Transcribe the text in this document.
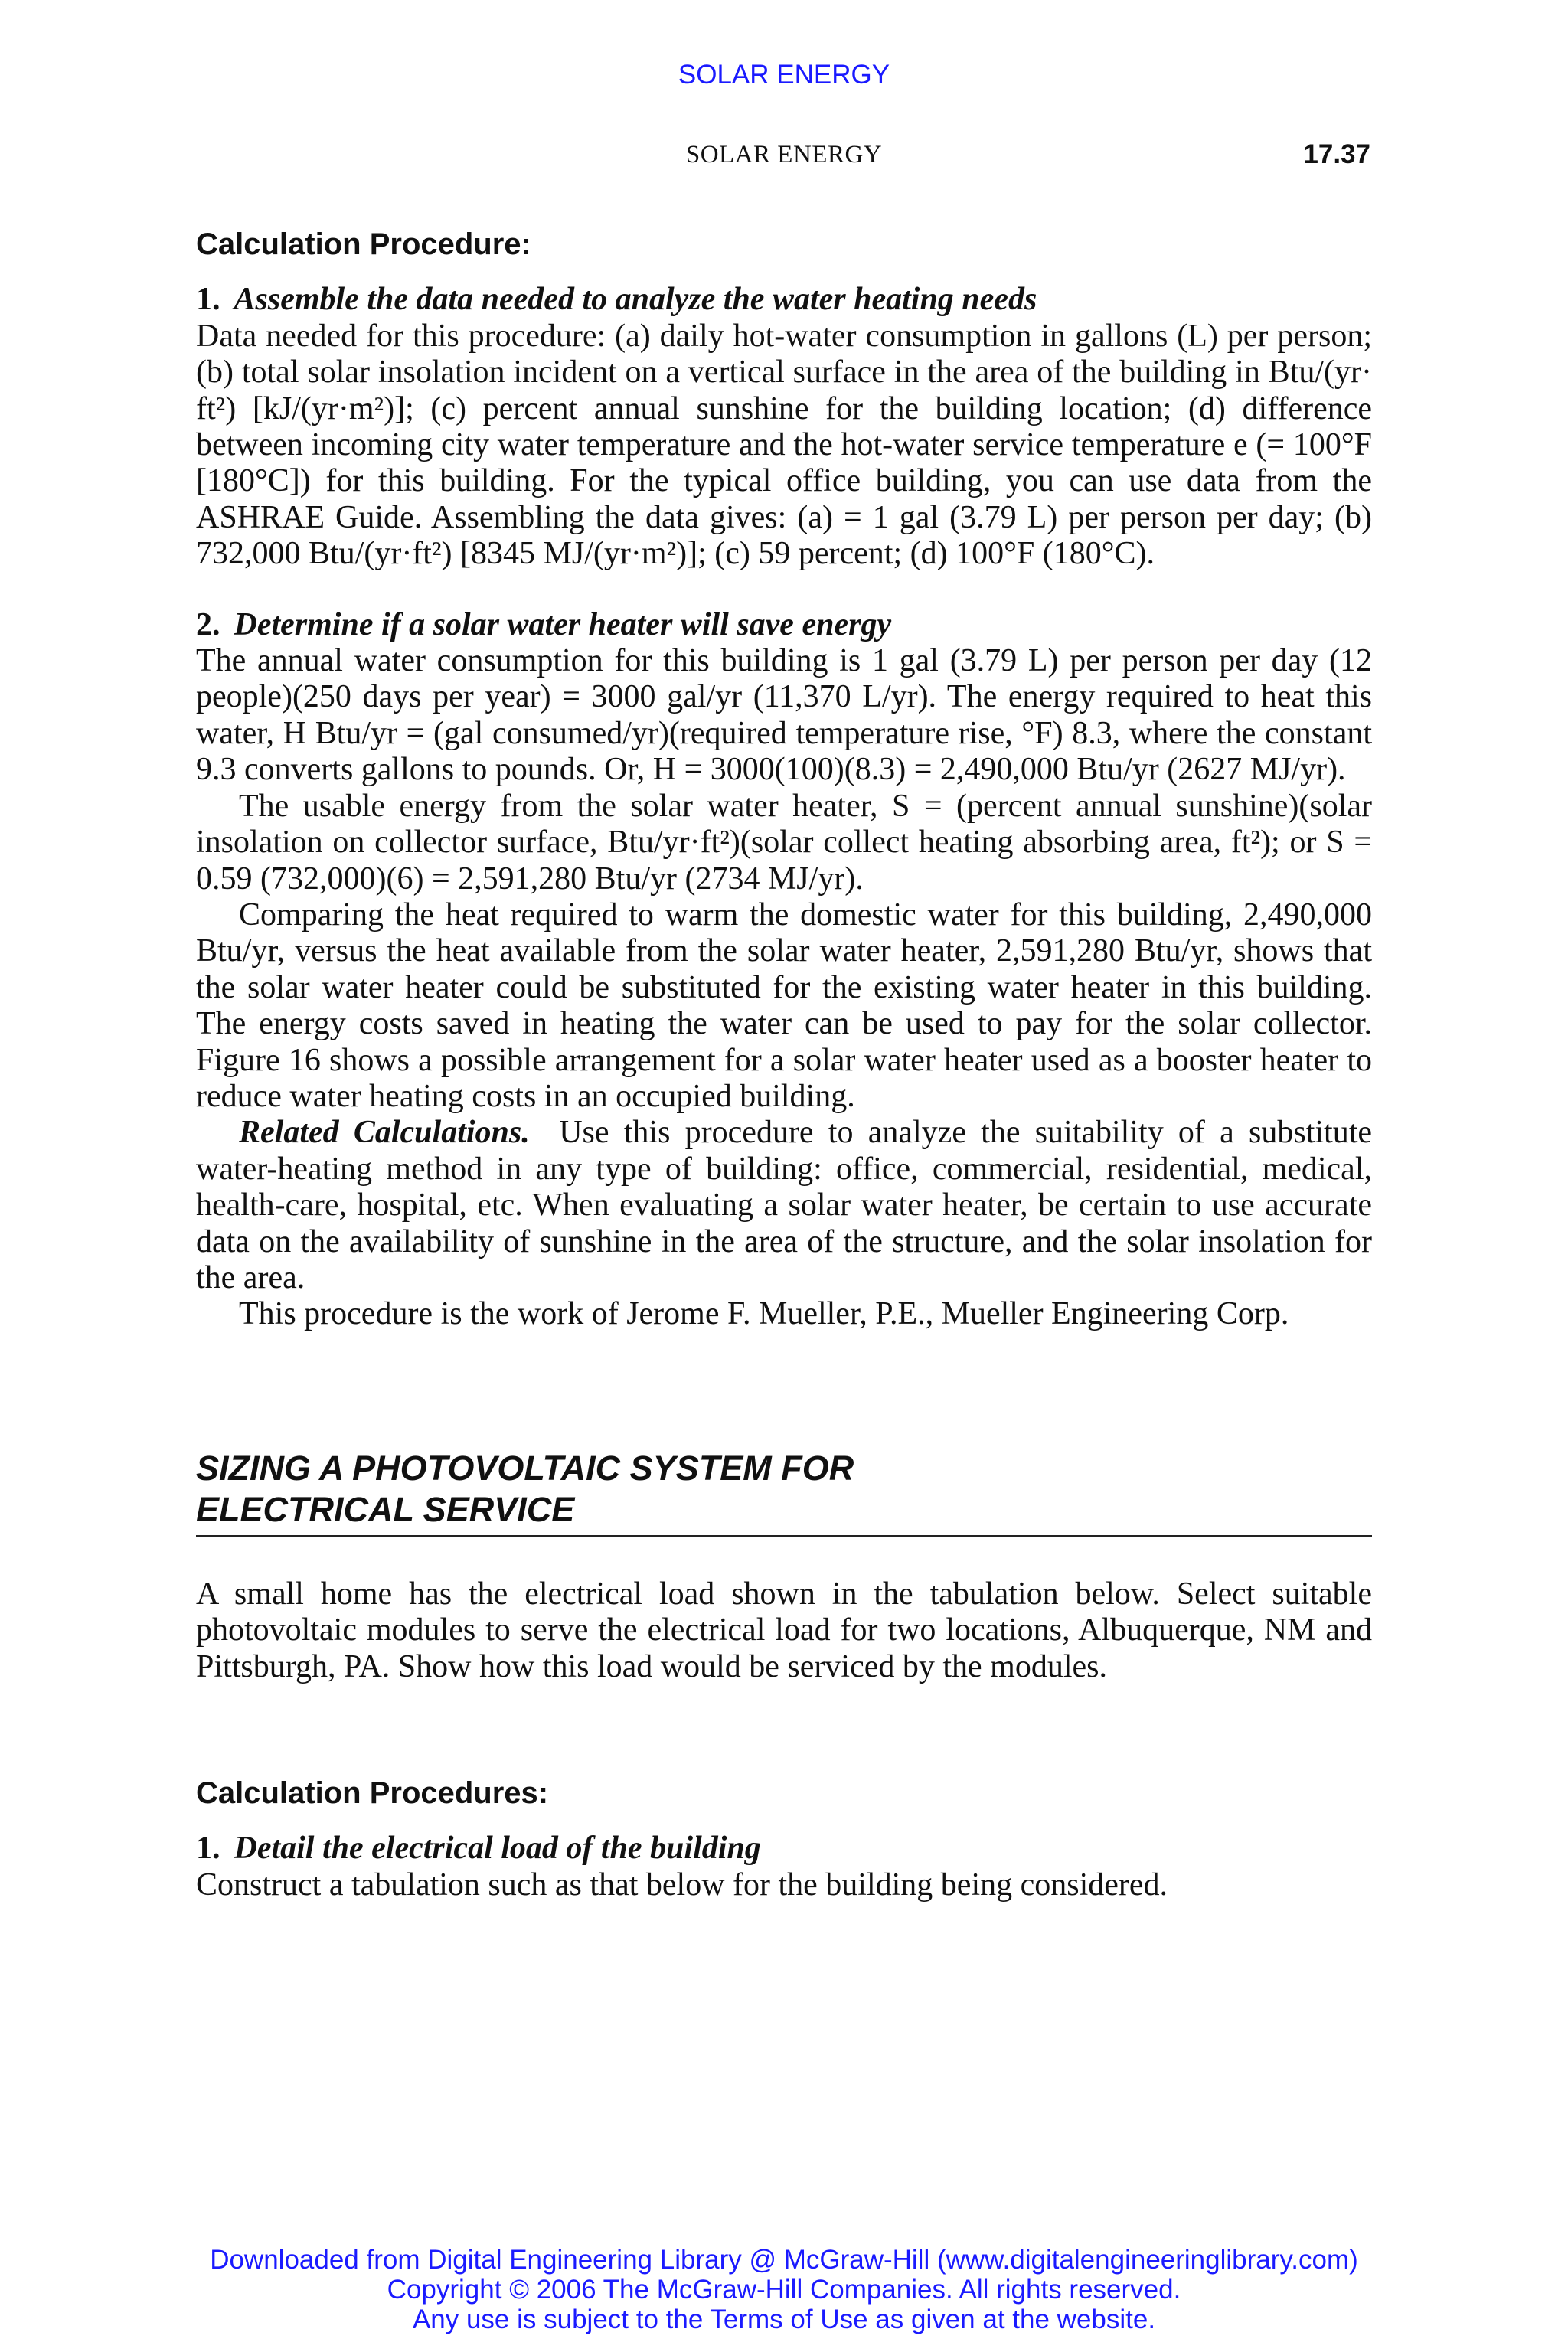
SOLAR ENERGY
SOLAR ENERGY	17.37
Calculation Procedure:
1. Assemble the data needed to analyze the water heating needs

Data needed for this procedure: (a) daily hot-water consumption in gallons (L) per person; (b) total solar insolation incident on a vertical surface in the area of the building in Btu/(yr· ft²) [kJ/(yr·m²)]; (c) percent annual sunshine for the building location; (d) difference between incoming city water temperature and the hot-water service temperature e (= 100°F [180°C]) for this building. For the typical office building, you can use data from the ASHRAE Guide. Assembling the data gives: (a) = 1 gal (3.79 L) per person per day; (b) 732,000 Btu/(yr·ft²) [8345 MJ/(yr·m²)]; (c) 59 percent; (d) 100°F (180°C).

2. Determine if a solar water heater will save energy

The annual water consumption for this building is 1 gal (3.79 L) per person per day (12 people)(250 days per year) = 3000 gal/yr (11,370 L/yr). The energy required to heat this water, H Btu/yr = (gal consumed/yr)(required temperature rise, °F) 8.3, where the constant 9.3 converts gallons to pounds. Or, H = 3000(100)(8.3) = 2,490,000 Btu/yr (2627 MJ/yr).

The usable energy from the solar water heater, S = (percent annual sunshine)(solar insolation on collector surface, Btu/yr·ft²)(solar collect heating absorbing area, ft²); or S = 0.59 (732,000)(6) = 2,591,280 Btu/yr (2734 MJ/yr).

Comparing the heat required to warm the domestic water for this building, 2,490,000 Btu/yr, versus the heat available from the solar water heater, 2,591,280 Btu/yr, shows that the solar water heater could be substituted for the existing water heater in this building. The energy costs saved in heating the water can be used to pay for the solar collector. Figure 16 shows a possible arrangement for a solar water heater used as a booster heater to reduce water heating costs in an occupied building.

Related Calculations. Use this procedure to analyze the suitability of a substitute water-heating method in any type of building: office, commercial, residential, medical, health-care, hospital, etc. When evaluating a solar water heater, be certain to use accurate data on the availability of sunshine in the area of the structure, and the solar insolation for the area.

This procedure is the work of Jerome F. Mueller, P.E., Mueller Engineering Corp.

SIZING A PHOTOVOLTAIC SYSTEM FOR
ELECTRICAL SERVICE

A small home has the electrical load shown in the tabulation below. Select suitable photovoltaic modules to serve the electrical load for two locations, Albuquerque, NM and Pittsburgh, PA. Show how this load would be serviced by the modules.

Calculation Procedures:
1. Detail the electrical load of the building

Construct a tabulation such as that below for the building being considered.

Downloaded from Digital Engineering Library @ McGraw-Hill (www.digitalengineeringlibrary.com)
Copyright © 2006 The McGraw-Hill Companies. All rights reserved.
Any use is subject to the Terms of Use as given at the website.
